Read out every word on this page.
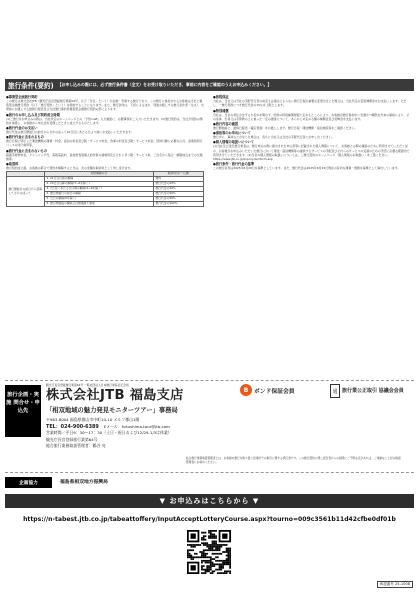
旅行条件(要約) 【お申し込みの際には、必ず旅行条件書（全文）をお受け取りいただき、事前に内容をご確認のうえお申込みください。】
●募集型企画旅行契約

この旅行は株式会社JTB（観光庁長官登録旅行業第64号。以下「当社」という）が企画・実施する旅行であり、この旅行に参加されるお客様は当社と募集型企画旅行契約（以下「旅行契約」という）を締結することになります。また、旅行条件は、下記によるほか、別途お渡しする旅行条件書（全文）、出発前にお渡しする最終日程表及び当社旅行業約款募集型企画旅行契約の部によります。

●旅行のお申し込み及び契約成立時期

(1)ご旅行をお申込みの際は、当社所定のホームページ上の「予約craft」入力画面に、必要事項をご入力いただきます。(2)旅行契約は、当社が契約の締結を承諾し、お客様から申込金を受理したときに成立するものとします。

●旅行代金のお支払い

旅行代金は旅行開始日の前日からさかのぼって10日目にあたる日より前にお支払いいただきます。

●旅行代金に含まれるもの

旅行日程に明示した運送機関の運賃・料金、宿泊の料金及び税・サービス料金、食事の料金及び税・サービス料金、団体行動に必要な心付、添乗員同行コースの同行費用等。

●旅行代金に含まれないもの

超過手荷物料金、クリーニング代、電報電話料、追加飲食等個人的性質の諸費用及びそれに伴う税・サービス料、ご自宅から集合・解散地点までの交通費等。

●取消料

旅行契約成立後、お客様の都合で契約を解除するときは、次の金額を取消料として申し受けます。

	契約解除の日	取消料(お一人様)
旅行開始日の前日から起算してさかのぼって	1. 21日目以前の解除	無料
	2. 20日目以降の解除(3~6を除く)	旅行代金の20%
	3. 7日目にあたる日以降の解除(4~6を除く)	旅行代金の30%
	4. 旅行開始日の前日の解除	旅行代金の40%
	5. 当日の解除(6を除く)	旅行代金の50%
	6. 旅行開始後の解除又は無連絡不参加	旅行代金の100%
●旅程保証

当社は、当社又は当社の手配代行者の故意又は過失によらない旅行日程の重要な変更が生じた場合は、当社所定の変更補償金をお支払いします。ただし、一旅行契約につき旅行代金の15％を上限とします。

●特別補償

当社は、当社の責任が生ずるか否かを問わず、約款の特別補償規程で定めるところにより、お客様が旅行参加中に急激かつ偶然な外来の事故により、その身体、生命又は手荷物の上に被った一定の損害について、あらかじめ定める額の補償金及び見舞金を支払います。

●旅行内容の確認

旅行開始前に、最終日程表（確定書面）をお渡しします。旅行日程・運送機関・宿泊施設等をご確認ください。

●事故等のお申出について

旅行中に、事故などが生じた場合は、直ちに当社又は当社の手配代行者にお申し出ください。

●個人情報の取扱いについて

(1)当社及び受託旅行業者は、旅行申込の際に提出された申込書等に記載された個人情報について、お客様との間の連絡のために利用させていただくほか、お客様がお申込みいただいた旅行において運送・宿泊機関等の提供するサービスの手配及びそれらのサービスの受領のための手続に必要な範囲内で利用させていただきます。(2)当社の個人情報の取扱いについては、ご旅行契約のホームページ「個人情報のお取扱い」をご覧ください。https://www.jtb.co.jp/inquiry/wmform.asp

●旅行条件・旅行代金の基準

この旅行条件は2025年8月29日を基準としています。また、旅行代金は2025年8月29日現在の有効な運賃・規則を基準として算出しています。

旅行企画・実施 問合せ・申込先
観光庁長官登録旅行業第64号 一般社団法人日本旅行業協会正会員
株式会社JTB 福島支店	B ボンド保証会員	通 旅行業公正取引 協議会会員
「相双地域の魅力発見モニターツアー」事務局
〒963-8004 福島県郡山市中町10-10 メルフ郡山1階
TEL：024-900-6389 Eメール：fukushima-tour@jtb.com
営業時間／平日9：30～17：30（土日・祝日および12/29-1/3は休業）
観光庁長官登録旅行業第64号
総合旅行業務取扱管理者：鶴谷 亮
総合旅行業務取扱管理者とは、お客様の旅行を取り扱う営業所での取引に関する責任者です。この旅行契約に関し担当者からの説明にご不明な点があれば、ご遠慮なく上記の取扱管理者にお尋ねください。
企画協力	福島県相双地方振興局
▼ お申込みはこちらから ▼
https://n-tabest.jtb.co.jp/tabeattoffery/InputAcceptLotteryCourse.aspx?tourno=009c3561b11d42cfbe0df01b
承認番号 25-1008
